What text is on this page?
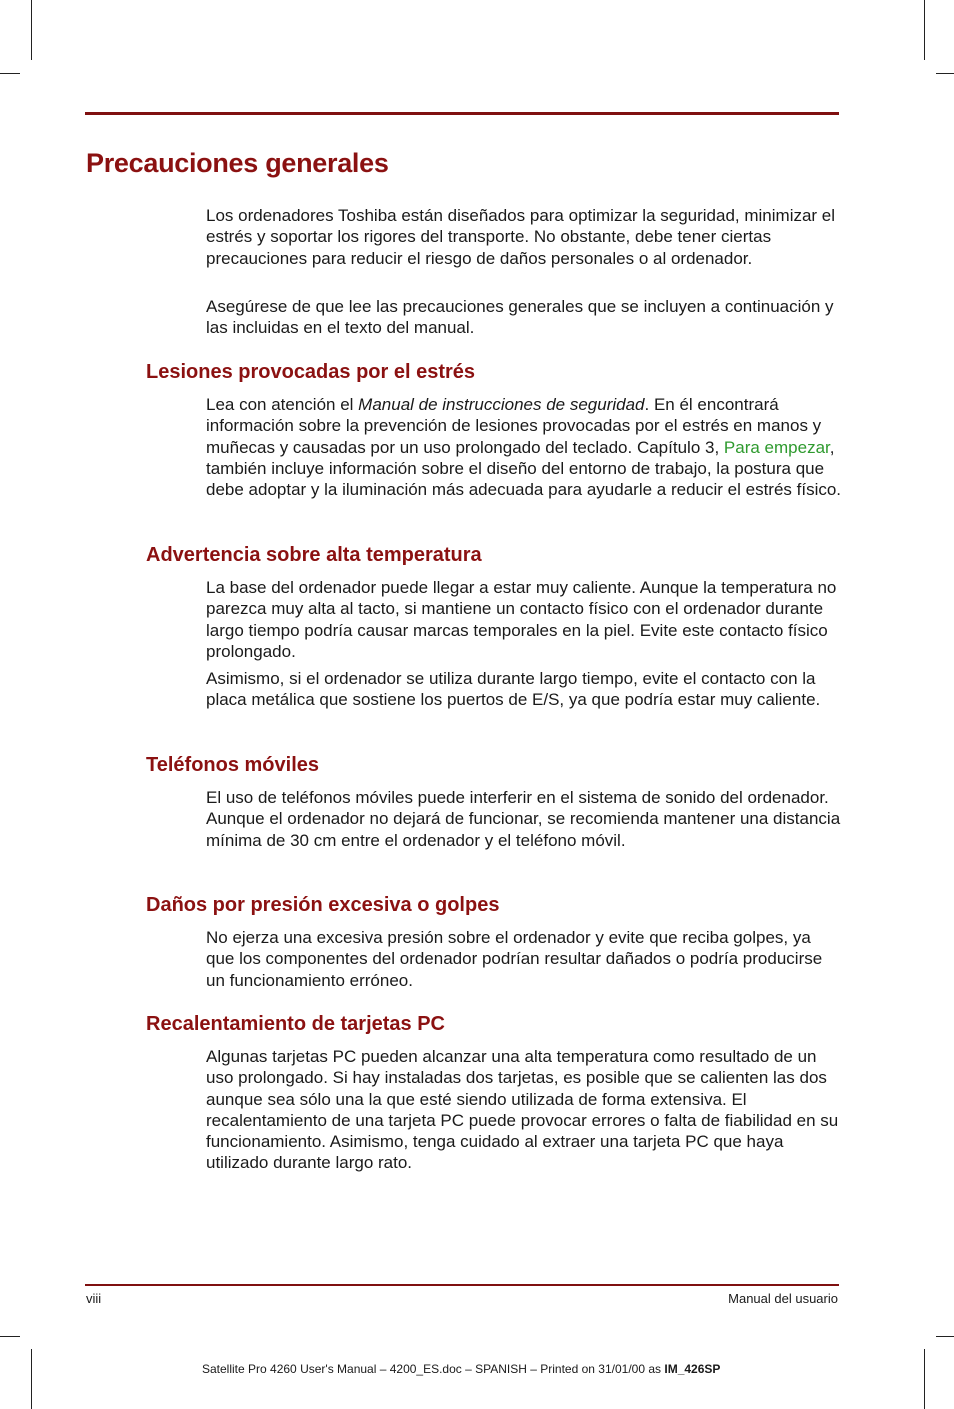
Precauciones generales

Los ordenadores Toshiba están diseñados para optimizar la seguridad, minimizar el estrés y soportar los rigores del transporte. No obstante, debe tener ciertas precauciones para reducir el riesgo de daños personales o al ordenador.

Asegúrese de que lee las precauciones generales que se incluyen a continuación y las incluidas en el texto del manual.

Lesiones provocadas por el estrés

Lea con atención el Manual de instrucciones de seguridad. En él encontrará información sobre la prevención de lesiones provocadas por el estrés en manos y muñecas y causadas por un uso prolongado del teclado. Capítulo 3, Para empezar, también incluye información sobre el diseño del entorno de trabajo, la postura que debe adoptar y la iluminación más adecuada para ayudarle a reducir el estrés físico.

Advertencia sobre alta temperatura

La base del ordenador puede llegar a estar muy caliente. Aunque la temperatura no parezca muy alta al tacto, si mantiene un contacto físico con el ordenador durante largo tiempo podría causar marcas temporales en la piel. Evite este contacto físico prolongado.

Asimismo, si el ordenador se utiliza durante largo tiempo, evite el contacto con la placa metálica que sostiene los puertos de E/S, ya que podría estar muy caliente.

Teléfonos móviles

El uso de teléfonos móviles puede interferir en el sistema de sonido del ordenador. Aunque el ordenador no dejará de funcionar, se recomienda mantener una distancia mínima de 30 cm entre el ordenador y el teléfono móvil.

Daños por presión excesiva o golpes

No ejerza una excesiva presión sobre el ordenador y evite que reciba golpes, ya que los componentes del ordenador podrían resultar dañados o podría producirse un funcionamiento erróneo.

Recalentamiento de tarjetas PC

Algunas tarjetas PC pueden alcanzar una alta temperatura como resultado de un uso prolongado. Si hay instaladas dos tarjetas, es posible que se calienten las dos aunque sea sólo una la que esté siendo utilizada de forma extensiva. El recalentamiento de una tarjeta PC puede provocar errores o falta de fiabilidad en su funcionamiento. Asimismo, tenga cuidado al extraer una tarjeta PC que haya utilizado durante largo rato.

viii	Manual del usuario
Satellite Pro 4260 User's Manual – 4200_ES.doc – SPANISH – Printed on 31/01/00 as IM_426SP
